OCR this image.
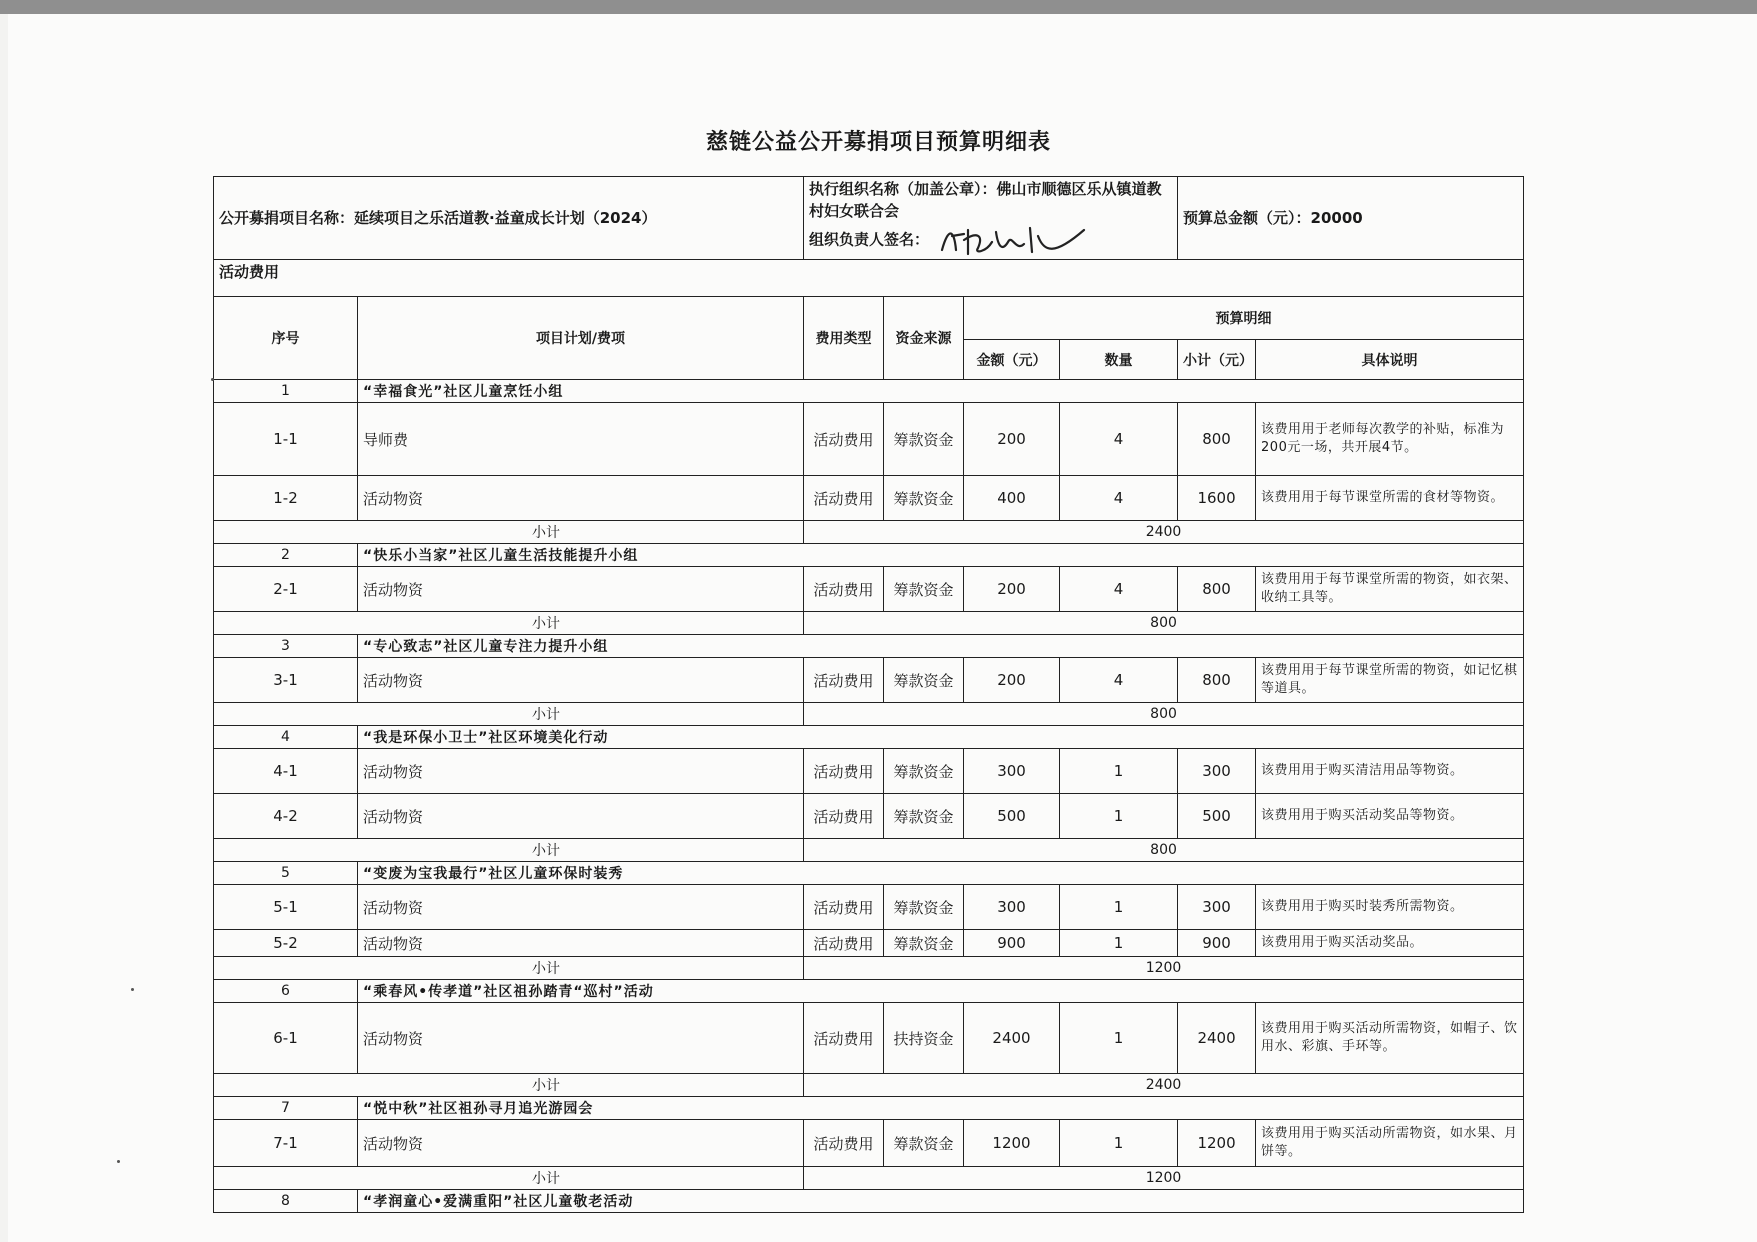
慈链公益公开募捐项目预算明细表
公开募捐项目名称：延续项目之乐活道教·益童成长计划（2024）		执行组织名称（加盖公章）：佛山市顺德区乐从镇道教村妇女联合会
组织负责人签名：				预算总金额（元）：20000	
活动费用							
序号	项目计划/费项	费用类型	资金来源	预算明细			
				金额（元）	数量	小计（元）	具体说明
1	“幸福食光”社区儿童烹饪小组						
1-1	导师费	活动费用	筹款资金	200	4	800	该费用用于老师每次教学的补贴，标准为200元一场，共开展4节。
1-2	活动物资	活动费用	筹款资金	400	4	1600	该费用用于每节课堂所需的食材等物资。
小计		2400					
2	“快乐小当家”社区儿童生活技能提升小组						
2-1	活动物资	活动费用	筹款资金	200	4	800	该费用用于每节课堂所需的物资，如衣架、收纳工具等。
小计		800					
3	“专心致志”社区儿童专注力提升小组						
3-1	活动物资	活动费用	筹款资金	200	4	800	该费用用于每节课堂所需的物资，如记忆棋等道具。
小计		800					
4	“我是环保小卫士”社区环境美化行动						
4-1	活动物资	活动费用	筹款资金	300	1	300	该费用用于购买清洁用品等物资。
4-2	活动物资	活动费用	筹款资金	500	1	500	该费用用于购买活动奖品等物资。
小计		800					
5	“变废为宝我最行”社区儿童环保时装秀						
5-1	活动物资	活动费用	筹款资金	300	1	300	该费用用于购买时装秀所需物资。
5-2	活动物资	活动费用	筹款资金	900	1	900	该费用用于购买活动奖品。
小计		1200					
6	“乘春风•传孝道”社区祖孙踏青“巡村”活动						
6-1	活动物资	活动费用	扶持资金	2400	1	2400	该费用用于购买活动所需物资，如帽子、饮用水、彩旗、手环等。
小计		2400					
7	“悦中秋”社区祖孙寻月追光游园会						
7-1	活动物资	活动费用	筹款资金	1200	1	1200	该费用用于购买活动所需物资，如水果、月饼等。
小计		1200					
8	“孝润童心•爱满重阳”社区儿童敬老活动						
